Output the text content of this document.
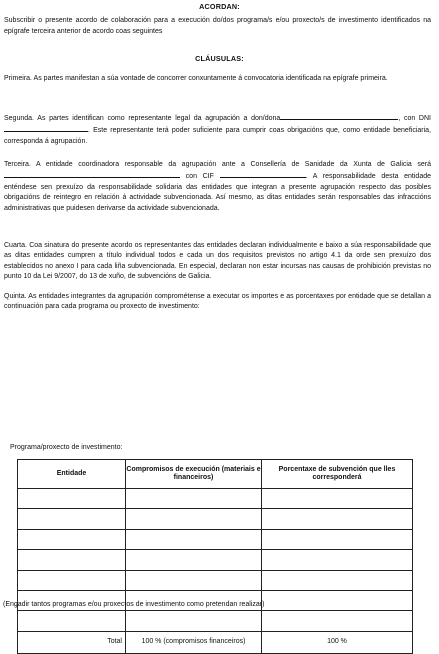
ACORDAN:

Subscribir o presente acordo de colaboración para a execución do/dos programa/s e/ou proxecto/s de investimento identificados na epígrafe terceira anterior de acordo coas seguintes

CLÁUSULAS:

Primeira. As partes manifestan a súa vontade de concorrer conxuntamente á convocatoria identificada na epígrafe primeira.

Segunda. As partes identifican como representante legal da agrupación a don/dona	, con DNI . Este representante terá poder suficiente para cumprir coas obrigacións que, como entidade beneficiaria, corresponda á agrupación.

Terceira. A entidade coordinadora responsable da agrupación ante a Consellería de Sanidade da Xunta de Galicia será  con CIF	. A responsabilidade desta entidade enténdese sen prexuízo da responsabilidade solidaria das entidades que integran a presente agrupación respecto das posibles obrigacións de reintegro en relación á actividade subvencionada. Así mesmo, as ditas entidades serán responsables das infraccións administrativas que puidesen derivarse da actividade subvencionada.

Cuarta. Coa sinatura do presente acordo os representantes das entidades declaran individualmente e baixo a súa responsabilidade que as ditas entidades cumpren a título individual todos e cada un dos requisitos previstos no artigo 4.1 da orde sen prexuízo dos establecidos no anexo I para cada liña subvencionada. En especial, declaran non estar incursas nas causas de prohibición previstas no punto 10 da Lei 9/2007, do 13 de xuño, de subvencións de Galicia.

Quinta. As entidades integrantes da agrupación comprométense a executar os importes e as porcentaxes por entidade que se detallan a continuación para cada programa ou proxecto de investimento:

Programa/proxecto de investimento:
Entidade	Compromisos de execución (materiais e financeiros)	Porcentaxe de subvención que lles corresponderá

Total	100 % (compromisos financeiros)	100 %
(Engadir tantos programas e/ou proxectos de investimento como pretendan realizar)
